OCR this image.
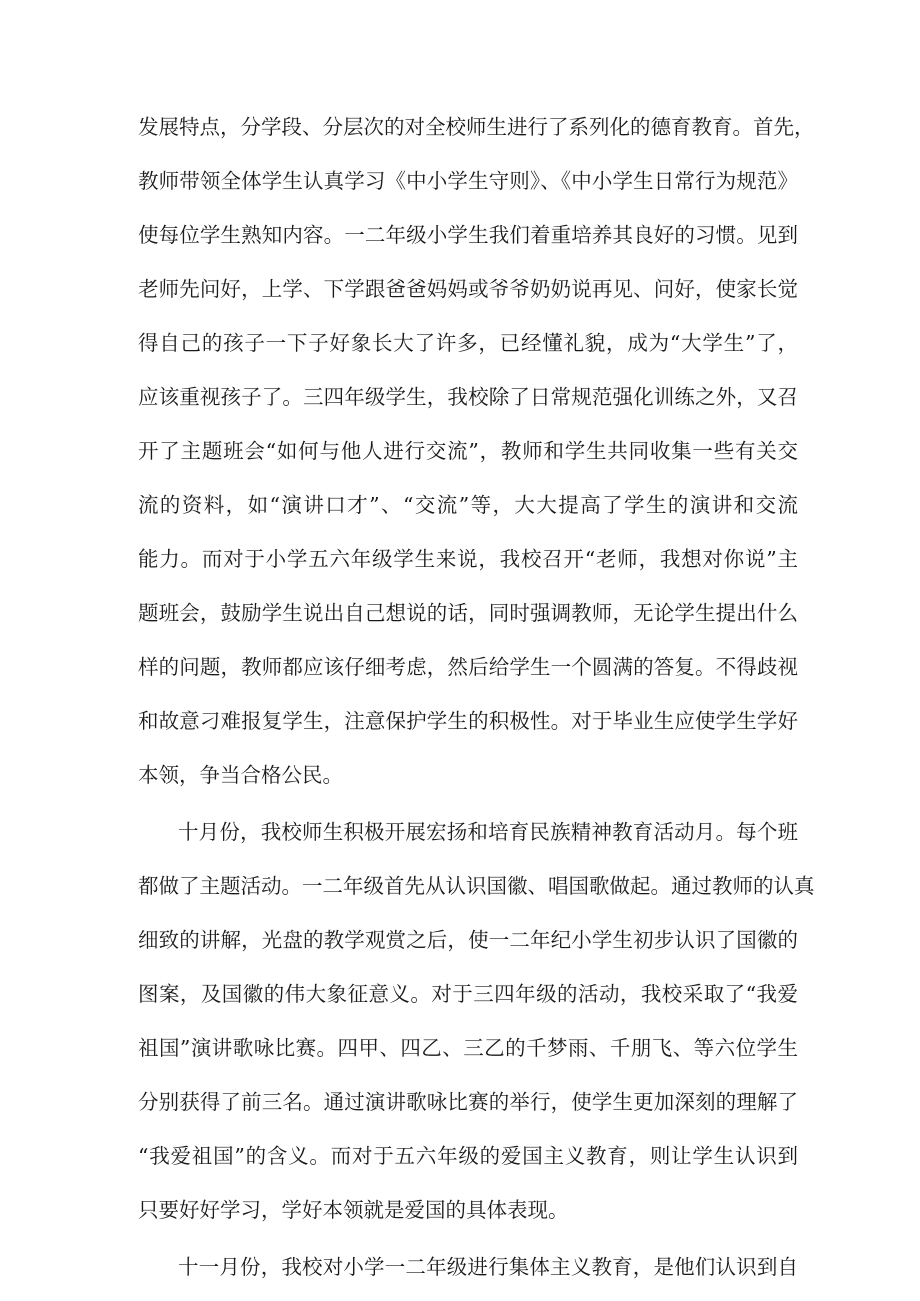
发展特点，分学段、分层次的对全校师生进行了系列化的德育教育。首先，
教师带领全体学生认真学习《中小学生守则》、《中小学生日常行为规范》
使每位学生熟知内容。一二年级小学生我们着重培养其良好的习惯。见到
老师先问好，上学、下学跟爸爸妈妈或爷爷奶奶说再见、问好，使家长觉
得自己的孩子一下子好象长大了许多，已经懂礼貌，成为“大学生”了，
应该重视孩子了。三四年级学生，我校除了日常规范强化训练之外，又召
开了主题班会“如何与他人进行交流”，教师和学生共同收集一些有关交
流的资料，如“演讲口才”、“交流”等，大大提高了学生的演讲和交流
能力。而对于小学五六年级学生来说，我校召开“老师，我想对你说”主
题班会，鼓励学生说出自己想说的话，同时强调教师，无论学生提出什么
样的问题，教师都应该仔细考虑，然后给学生一个圆满的答复。不得歧视
和故意刁难报复学生，注意保护学生的积极性。对于毕业生应使学生学好
本领，争当合格公民。
十月份，我校师生积极开展宏扬和培育民族精神教育活动月。每个班
都做了主题活动。一二年级首先从认识国徽、唱国歌做起。通过教师的认真
细致的讲解，光盘的教学观赏之后，使一二年纪小学生初步认识了国徽的
图案，及国徽的伟大象征意义。对于三四年级的活动，我校采取了“我爱
祖国”演讲歌咏比赛。四甲、四乙、三乙的千梦雨、千朋飞、等六位学生
分别获得了前三名。通过演讲歌咏比赛的举行，使学生更加深刻的理解了
“我爱祖国”的含义。而对于五六年级的爱国主义教育，则让学生认识到
只要好好学习，学好本领就是爱国的具体表现。
十一月份，我校对小学一二年级进行集体主义教育，是他们认识到自
